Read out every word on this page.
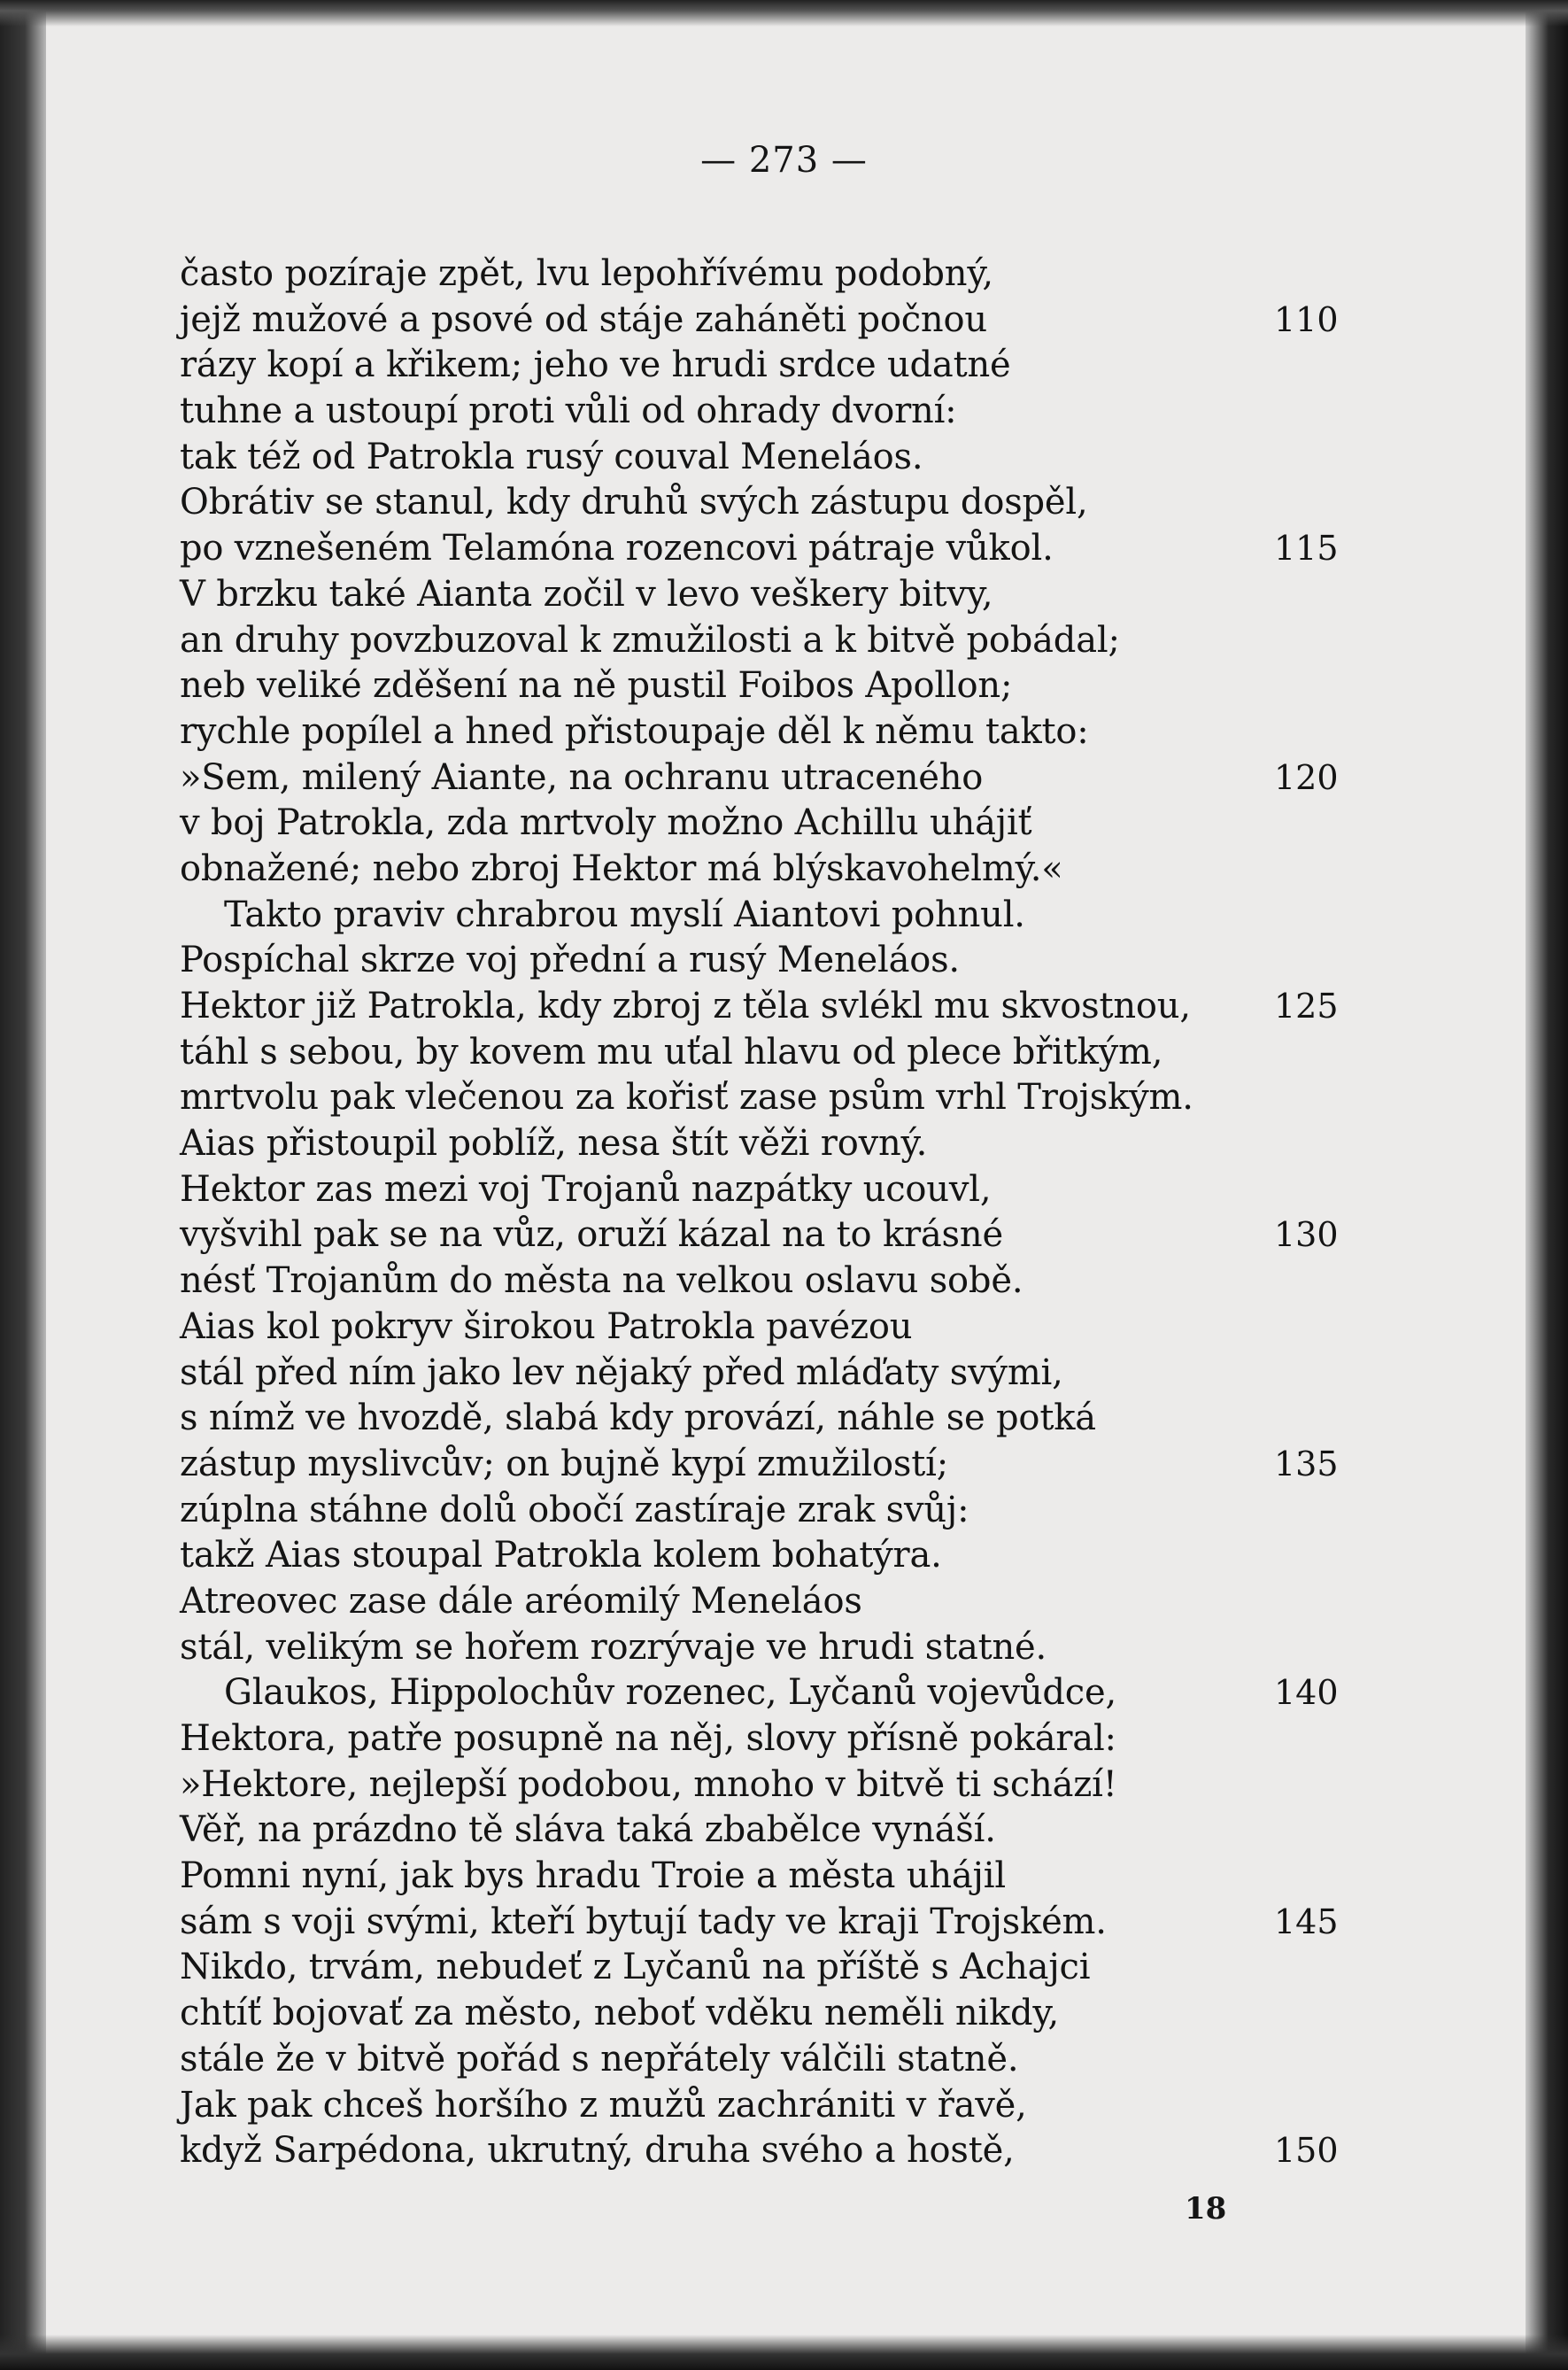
— 273 —
často pozíraje zpět, lvu lepohřívému podobný,
jejž mužové a psové od stáje zaháněti počnou	110
rázy kopí a křikem; jeho ve hrudi srdce udatné
tuhne a ustoupí proti vůli od ohrady dvorní:
tak též od Patrokla rusý couval Meneláos.
Obrátiv se stanul, kdy druhů svých zástupu dospěl,
po vznešeném Telamóna rozencovi pátraje vůkol.	115
V brzku také Aianta zočil v levo veškery bitvy,
an druhy povzbuzoval k zmužilosti a k bitvě pobádal;
neb veliké zděšení na ně pustil Foibos Apollon;
rychle popílel a hned přistoupaje děl k němu takto:
»Sem, milený Aiante, na ochranu utraceného	120
v boj Patrokla, zda mrtvoly možno Achillu uhájiť
obnažené; nebo zbroj Hektor má blýskavohelmý.«
Takto praviv chrabrou myslí Aiantovi pohnul.
Pospíchal skrze voj přední a rusý Meneláos.
Hektor již Patrokla, kdy zbroj z těla svlékl mu skvostnou, 125
táhl s sebou, by kovem mu uťal hlavu od plece břitkým,
mrtvolu pak vlečenou za kořisť zase psům vrhl Trojským.
Aias přistoupil poblíž, nesa štít věži rovný.
Hektor zas mezi voj Trojanů nazpátky ucouvl,
vyšvihl pak se na vůz, oruží kázal na to krásné	130
nésť Trojanům do města na velkou oslavu sobě.
Aias kol pokryv širokou Patrokla pavézou
stál před ním jako lev nějaký před mláďaty svými,
s nímž ve hvozdě, slabá kdy provází, náhle se potká
zástup myslivcův; on bujně kypí zmužilostí;	135
zúplna stáhne dolů obočí zastíraje zrak svůj:
takž Aias stoupal Patrokla kolem bohatýra.
Atreovec zase dále aréomilý Meneláos
stál, velikým se hořem rozrývaje ve hrudi statné.
Glaukos, Hippolochův rozenec, Lyčanů vojevůdce,	140
Hektora, patře posupně na něj, slovy přísně pokáral:
»Hektore, nejlepší podobou, mnoho v bitvě ti schází!
Věř, na prázdno tě sláva taká zbabělce vynáší.
Pomni nyní, jak bys hradu Troie a města uhájil
sám s voji svými, kteří bytují tady ve kraji Trojském.	145
Nikdo, trvám, nebudeť z Lyčanů na příště s Achajci
chtíť bojovať za město, neboť vděku neměli nikdy,
stále že v bitvě pořád s nepřátely válčili statně.
Jak pak chceš horšího z mužů zachrániti v řavě,
když Sarpédona, ukrutný, druha svého a hostě,	150
18
